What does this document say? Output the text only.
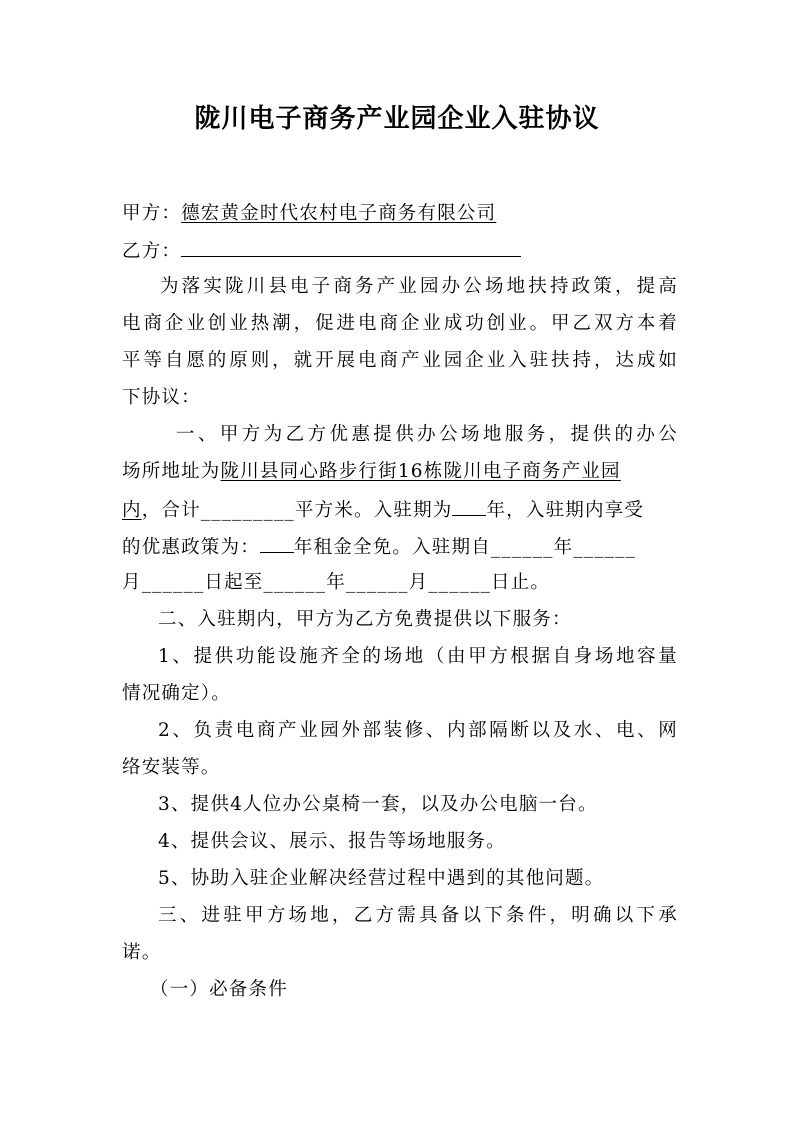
陇川电子商务产业园企业入驻协议
甲方：德宏黄金时代农村电子商务有限公司
乙方：
为落实陇川县电子商务产业园办公场地扶持政策，提高
电商企业创业热潮，促进电商企业成功创业。甲乙双方本着
平等自愿的原则，就开展电商产业园企业入驻扶持，达成如
下协议：
一、甲方为乙方优惠提供办公场地服务，提供的办公
场所地址为陇川县同心路步行街16栋陇川电子商务产业园
内，合计_________平方米。入驻期为 年，入驻期内享受
的优惠政策为： 年租金全免。入驻期自______年______
月______日起至______年______月______日止。
二、入驻期内，甲方为乙方免费提供以下服务：
1、提供功能设施齐全的场地（由甲方根据自身场地容量
情况确定）。
2、负责电商产业园外部装修、内部隔断以及水、电、网
络安装等。
3、提供4人位办公桌椅一套，以及办公电脑一台。
4、提供会议、展示、报告等场地服务。
5、协助入驻企业解决经营过程中遇到的其他问题。
三、进驻甲方场地，乙方需具备以下条件，明确以下承
诺。
（一）必备条件
